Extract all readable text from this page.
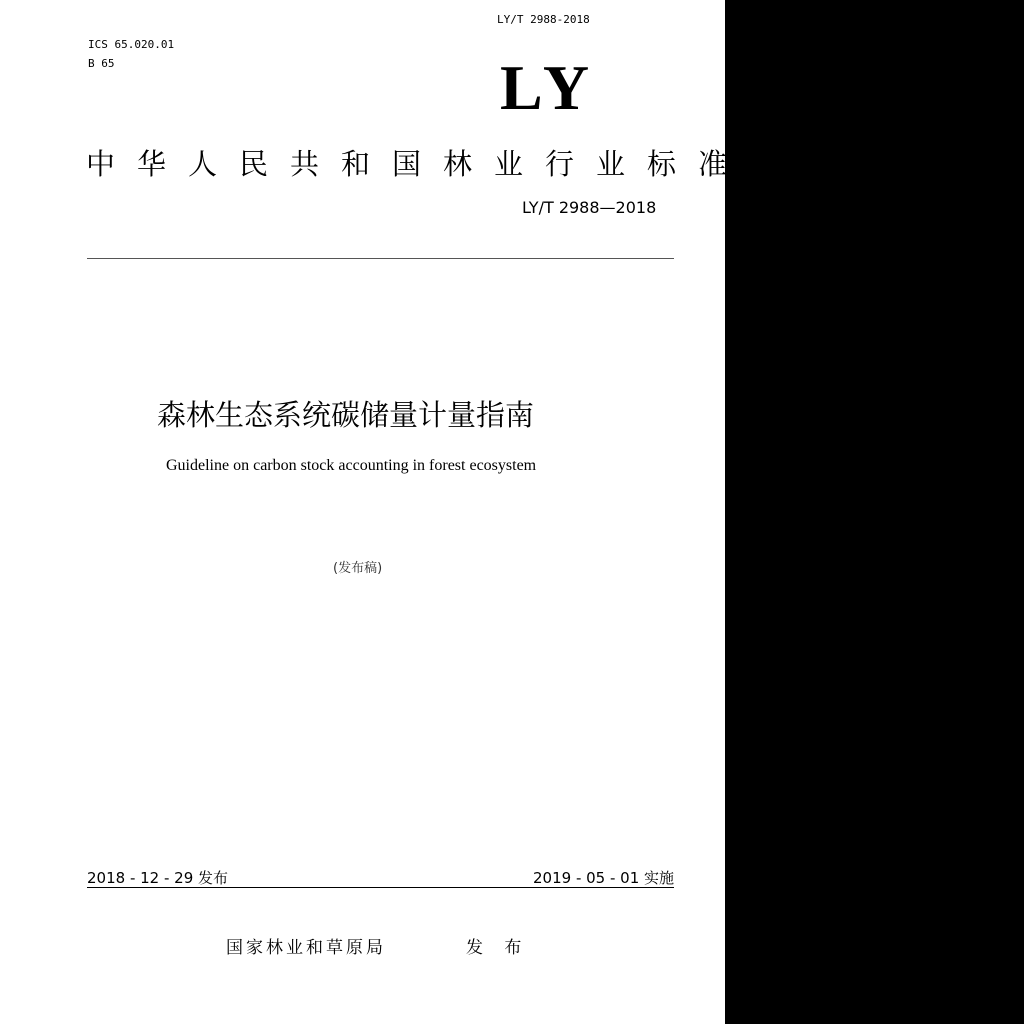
LY/T 2988-2018
ICS 65.020.01
B 65	LY
中华人民共和国林业行业标准
LY/T 2988—2018
森林生态系统碳储量计量指南
Guideline on carbon stock accounting in forest ecosystem
(发布稿)
2018 - 12 - 29 发布	2019 - 05 - 01 实施
国家林业和草原局	发 布
